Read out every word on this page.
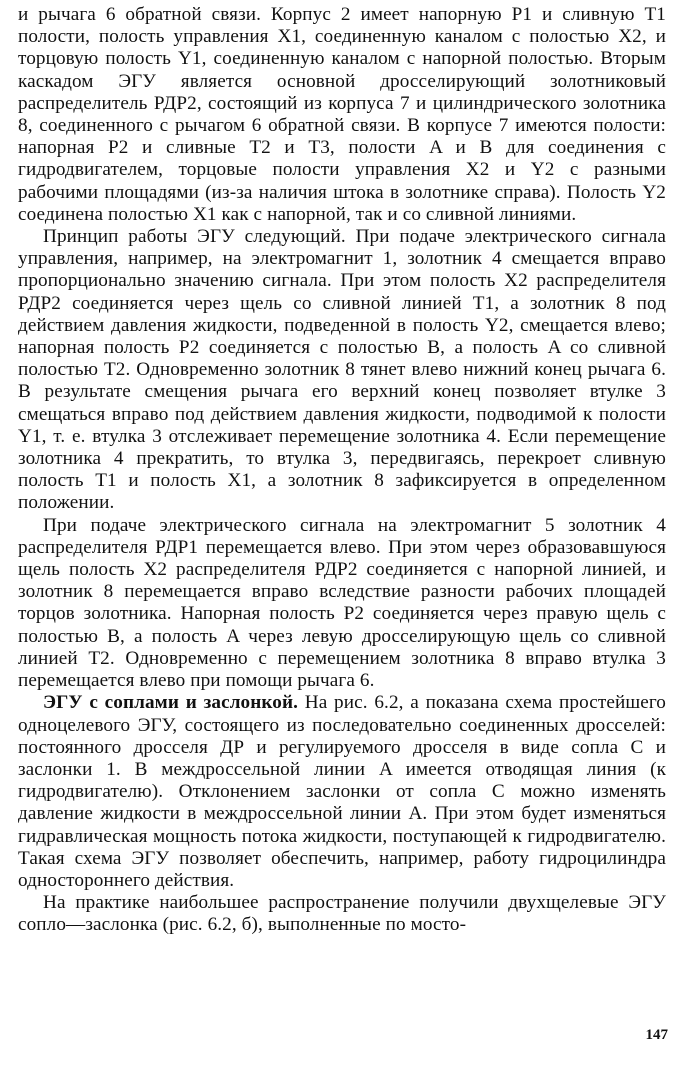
и рычага 6 обратной связи. Корпус 2 имеет напорную P1 и сливную T1 полости, полость управления X1, соединенную каналом с полостью X2, и торцовую полость Y1, соединенную каналом с напорной полостью. Вторым каскадом ЭГУ является основной дросселирующий золотниковый распределитель РДР2, состоящий из корпуса 7 и цилиндрического золотника 8, соединенного с рычагом 6 обратной связи. В корпусе 7 имеются полости: напорная P2 и сливные T2 и T3, полости A и B для соединения с гидродвигателем, торцовые полости управления X2 и Y2 с разными рабочими площадями (из-за наличия штока в золотнике справа). Полость Y2 соединена полостью X1 как с напорной, так и со сливной линиями.

Принцип работы ЭГУ следующий. При подаче электрического сигнала управления, например, на электромагнит 1, золотник 4 смещается вправо пропорционально значению сигнала. При этом полость X2 распределителя РДР2 соединяется через щель со сливной линией T1, а золотник 8 под действием давления жидкости, подведенной в полость Y2, смещается влево; напорная полость P2 соединяется с полостью B, а полость A со сливной полостью T2. Одновременно золотник 8 тянет влево нижний конец рычага 6. В результате смещения рычага его верхний конец позволяет втулке 3 смещаться вправо под действием давления жидкости, подводимой к полости Y1, т. е. втулка 3 отслеживает перемещение золотника 4. Если перемещение золотника 4 прекратить, то втулка 3, передвигаясь, перекроет сливную полость T1 и полость X1, а золотник 8 зафиксируется в определенном положении.

При подаче электрического сигнала на электромагнит 5 золотник 4 распределителя РДР1 перемещается влево. При этом через образовавшуюся щель полость X2 распределителя РДР2 соединяется с напорной линией, и золотник 8 перемещается вправо вследствие разности рабочих площадей торцов золотника. Напорная полость P2 соединяется через правую щель с полостью B, а полость A через левую дросселирующую щель со сливной линией T2. Одновременно с перемещением золотника 8 вправо втулка 3 перемещается влево при помощи рычага 6.

ЭГУ с соплами и заслонкой. На рис. 6.2, a показана схема простейшего одноцелевого ЭГУ, состоящего из последовательно соединенных дросселей: постоянного дросселя ДР и регулируемого дросселя в виде сопла C и заслонки 1. В междроссельной линии A имеется отводящая линия (к гидродвигателю). Отклонением заслонки от сопла C можно изменять давление жидкости в междроссельной линии A. При этом будет изменяться гидравлическая мощность потока жидкости, поступающей к гидродвигателю. Такая схема ЭГУ позволяет обеспечить, например, работу гидроцилиндра одностороннего действия.

На практике наибольшее распространение получили двухщелевые ЭГУ сопло—заслонка (рис. 6.2, б), выполненные по мосто-

147
